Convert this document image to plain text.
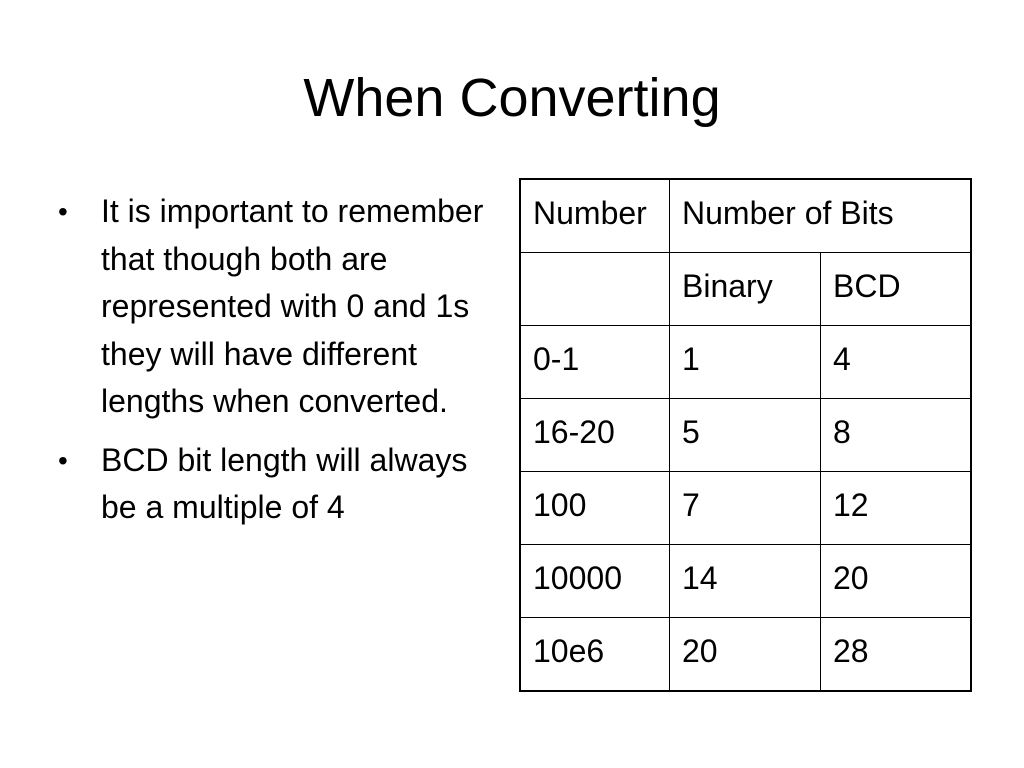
When Converting
• It is important to remember that though both are represented with 0 and 1s they will have different lengths when converted.
• BCD bit length will always be a multiple of 4
Number	Number of Bits	
	Binary	BCD
0-1	1	4
16-20	5	8
100	7	12
10000	14	20
10e6	20	28
